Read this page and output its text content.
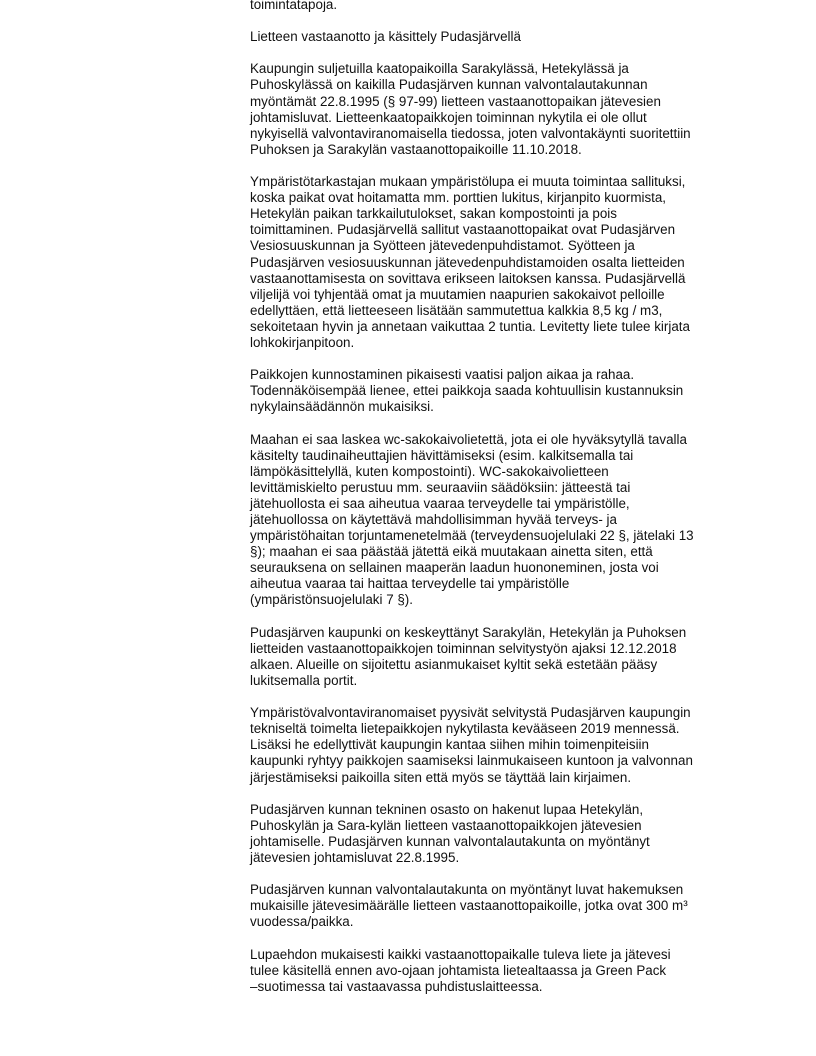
toimintatapoja.

Lietteen vastaanotto ja käsittely Pudasjärvellä

Kaupungin suljetuilla kaatopaikoilla Sarakylässä, Hetekylässä ja
Puhoskylässä on kaikilla Pudasjärven kunnan valvontalautakunnan
myöntämät 22.8.1995 (§ 97-99) lietteen vastaanottopaikan jätevesien
johtamisluvat. Lietteenkaatopaikkojen toiminnan nykytila ei ole ollut
nykyisellä valvontaviranomaisella tiedossa, joten valvontakäynti suoritettiin
Puhoksen ja Sarakylän vastaanottopaikoille 11.10.2018.

Ympäristötarkastajan mukaan ympäristölupa ei muuta toimintaa sallituksi,
koska paikat ovat hoitamatta mm. porttien lukitus, kirjanpito kuormista,
Hetekylän paikan tarkkailutulokset, sakan kompostointi ja pois
toimittaminen. Pudasjärvellä sallitut vastaanottopaikat ovat Pudasjärven
Vesiosuuskunnan ja Syötteen jätevedenpuhdistamot. Syötteen ja
Pudasjärven vesiosuuskunnan jätevedenpuhdistamoiden osalta lietteiden
vastaanottamisesta on sovittava erikseen laitoksen kanssa. Pudasjärvellä
viljelijä voi tyhjentää omat ja muutamien naapurien sakokaivot pelloille
edellyttäen, että lietteeseen lisätään sammutettua kalkkia 8,5 kg / m3,
sekoitetaan hyvin ja annetaan vaikuttaa 2 tuntia. Levitetty liete tulee kirjata
lohkokirjanpitoon.

Paikkojen kunnostaminen pikaisesti vaatisi paljon aikaa ja rahaa.
Todennäköisempää lienee, ettei paikkoja saada kohtuullisin kustannuksin
nykylainsäädännön mukaisiksi.

Maahan ei saa laskea wc-sakokaivolietettä, jota ei ole hyväksytyllä tavalla
käsitelty taudinaiheuttajien hävittämiseksi (esim. kalkitsemalla tai
lämpökäsittelyllä, kuten kompostointi). WC-sakokaivolietteen
levittämiskielto perustuu mm. seuraaviin säädöksiin: jätteestä tai
jätehuollosta ei saa aiheutua vaaraa terveydelle tai ympäristölle,
jätehuollossa on käytettävä mahdollisimman hyvää terveys- ja
ympäristöhaitan torjuntamenetelmää (terveydensuojelulaki 22 §, jätelaki 13
§); maahan ei saa päästää jätettä eikä muutakaan ainetta siten, että
seurauksena on sellainen maaperän laadun huononeminen, josta voi
aiheutua vaaraa tai haittaa terveydelle tai ympäristölle
(ympäristönsuojelulaki 7 §).

Pudasjärven kaupunki on keskeyttänyt Sarakylän, Hetekylän ja Puhoksen
lietteiden vastaanottopaikkojen toiminnan selvitystyön ajaksi 12.12.2018
alkaen. Alueille on sijoitettu asianmukaiset kyltit sekä estetään pääsy
lukitsemalla portit.

Ympäristövalvontaviranomaiset pyysivät selvitystä Pudasjärven kaupungin
tekniseltä toimelta lietepaikkojen nykytilasta kevääseen 2019 mennessä.
Lisäksi he edellyttivät kaupungin kantaa siihen mihin toimenpiteisiin
kaupunki ryhtyy paikkojen saamiseksi lainmukaiseen kuntoon ja valvonnan
järjestämiseksi paikoilla siten että myös se täyttää lain kirjaimen.

Pudasjärven kunnan tekninen osasto on hakenut lupaa Hetekylän,
Puhoskylän ja Sara-kylän lietteen vastaanottopaikkojen jätevesien
johtamiselle. Pudasjärven kunnan valvontalautakunta on myöntänyt
jätevesien johtamisluvat 22.8.1995.

Pudasjärven kunnan valvontalautakunta on myöntänyt luvat hakemuksen
mukaisille jätevesimäärälle lietteen vastaanottopaikoille, jotka ovat 300 m³
vuodessa/paikka.

Lupaehdon mukaisesti kaikki vastaanottopaikalle tuleva liete ja jätevesi
tulee käsitellä ennen avo-ojaan johtamista lietealtaassa ja Green Pack
–suotimessa tai vastaavassa puhdistuslaitteessa.
